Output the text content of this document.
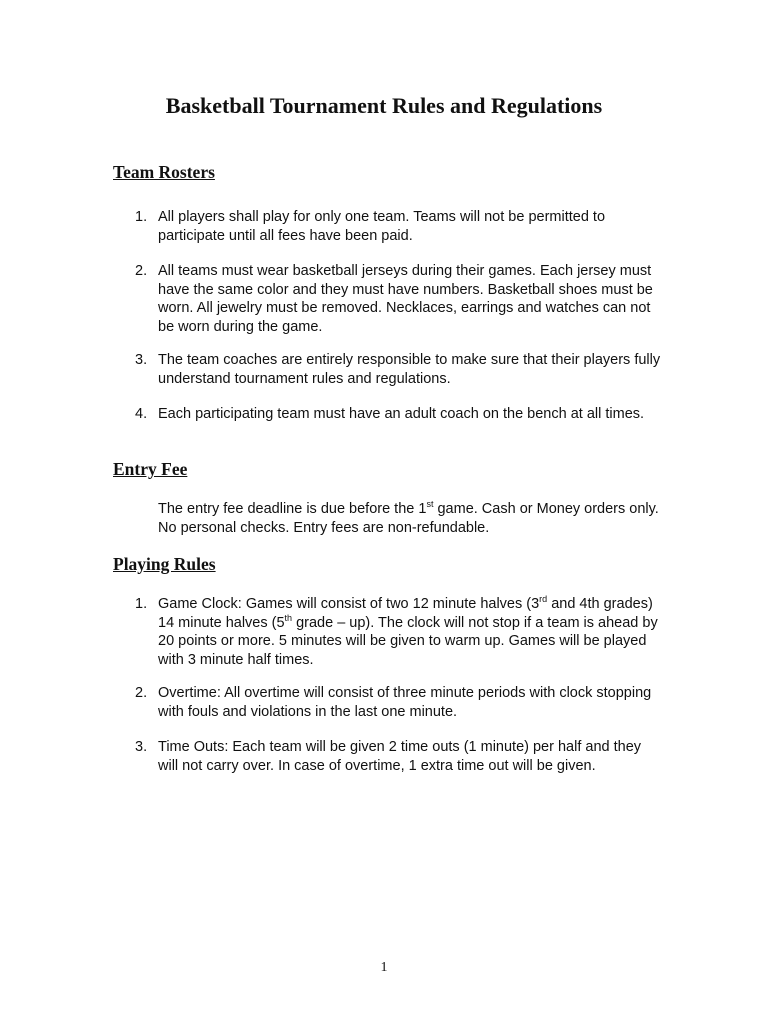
Basketball Tournament Rules and Regulations
Team Rosters
1. All players shall play for only one team. Teams will not be permitted to participate until all fees have been paid.
2. All teams must wear basketball jerseys during their games. Each jersey must have the same color and they must have numbers. Basketball shoes must be worn. All jewelry must be removed. Necklaces, earrings and watches can not be worn during the game.
3. The team coaches are entirely responsible to make sure that their players fully understand tournament rules and regulations.
4. Each participating team must have an adult coach on the bench at all times.
Entry Fee
The entry fee deadline is due before the 1st game. Cash or Money orders only. No personal checks. Entry fees are non-refundable.
Playing Rules
1. Game Clock: Games will consist of two 12 minute halves (3rd and 4th grades) 14 minute halves (5th grade – up). The clock will not stop if a team is ahead by 20 points or more. 5 minutes will be given to warm up. Games will be played with 3 minute half times.
2. Overtime: All overtime will consist of three minute periods with clock stopping with fouls and violations in the last one minute.
3. Time Outs: Each team will be given 2 time outs (1 minute) per half and they will not carry over. In case of overtime, 1 extra time out will be given.
1
